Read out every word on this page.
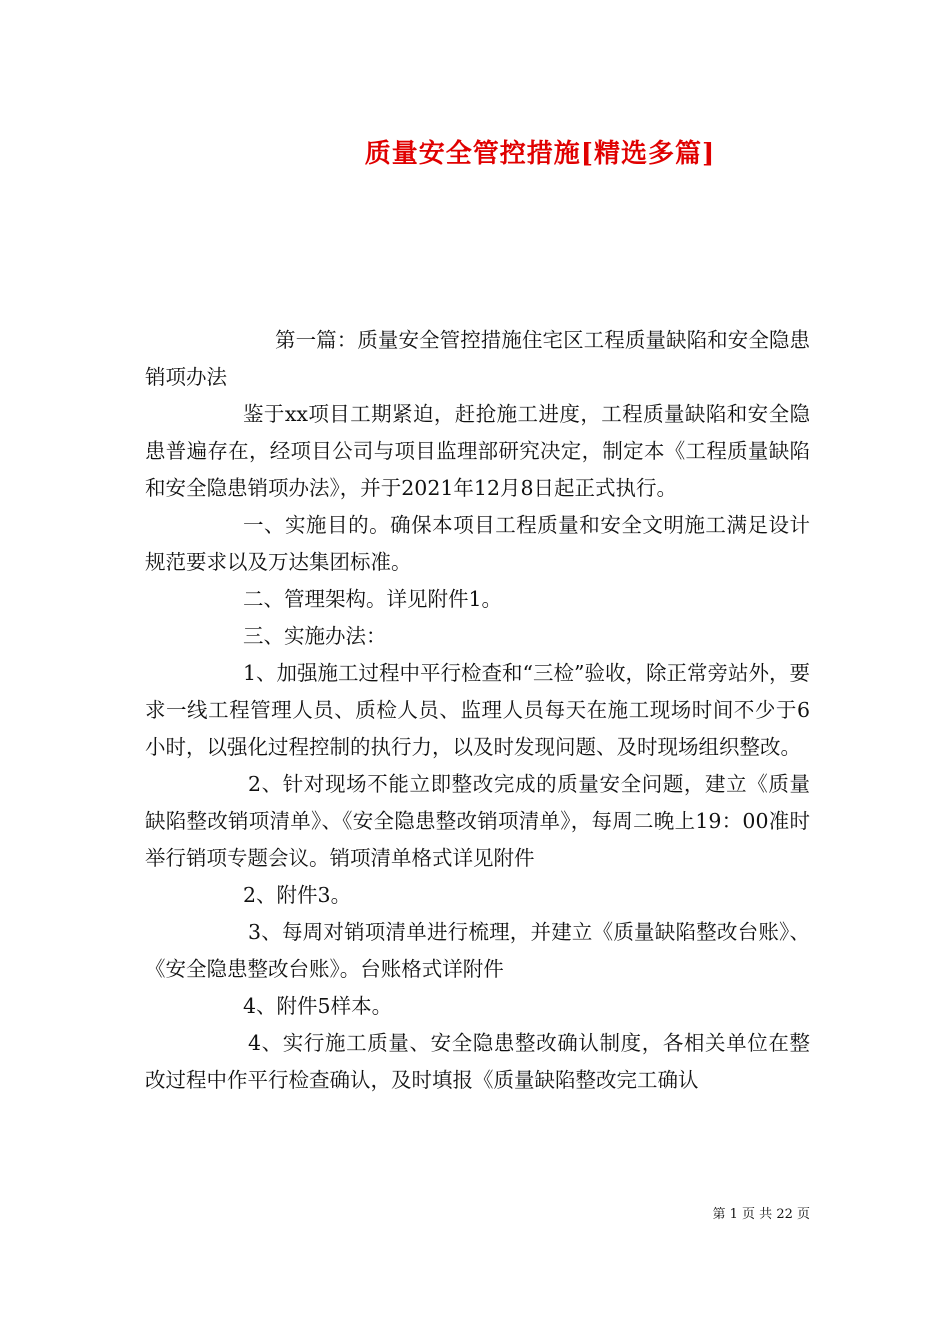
质量安全管控措施[精选多篇]

第一篇：质量安全管控措施住宅区工程质量缺陷和安全隐患销项办法

鉴于xx项目工期紧迫，赶抢施工进度，工程质量缺陷和安全隐患普遍存在，经项目公司与项目监理部研究决定，制定本《工程质量缺陷和安全隐患销项办法》，并于2021年12月8日起正式执行。

一、实施目的。确保本项目工程质量和安全文明施工满足设计规范要求以及万达集团标准。

二、管理架构。详见附件1。

三、实施办法：

1、加强施工过程中平行检查和“三检”验收，除正常旁站外，要求一线工程管理人员、质检人员、监理人员每天在施工现场时间不少于6小时，以强化过程控制的执行力，以及时发现问题、及时现场组织整改。

2、针对现场不能立即整改完成的质量安全问题，建立《质量缺陷整改销项清单》、《安全隐患整改销项清单》，每周二晚上19：00准时举行销项专题会议。销项清单格式详见附件

2、附件3。

3、每周对销项清单进行梳理，并建立《质量缺陷整改台账》、《安全隐患整改台账》。台账格式详附件

4、附件5样本。

4、实行施工质量、安全隐患整改确认制度，各相关单位在整改过程中作平行检查确认，及时填报《质量缺陷整改完工确认

第 1 页 共 22 页
